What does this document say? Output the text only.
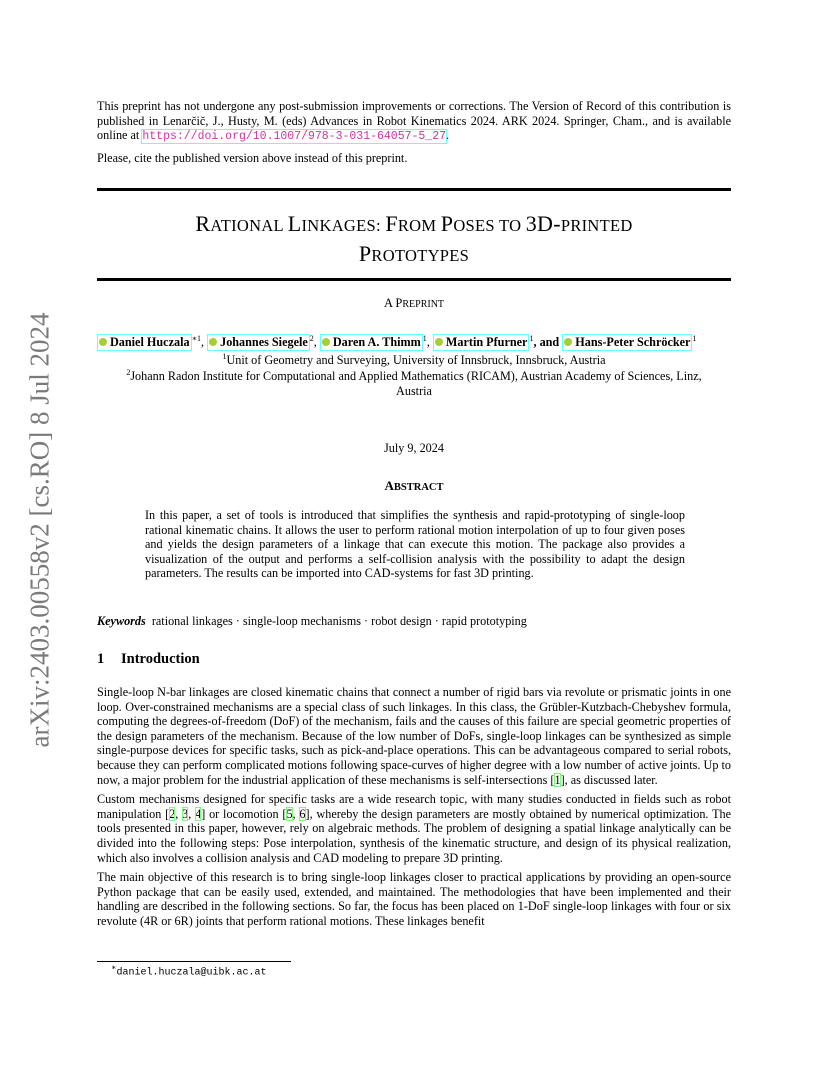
arXiv:2403.00558v2 [cs.RO] 8 Jul 2024

This preprint has not undergone any post-submission improvements or corrections. The Version of Record of this contribution is published in Lenarčič, J., Husty, M. (eds) Advances in Robot Kinematics 2024. ARK 2024. Springer, Cham., and is available online at https://doi.org/10.1007/978-3-031-64057-5_27.

Please, cite the published version above instead of this preprint.

RATIONAL LINKAGES: FROM POSES TO 3D-PRINTED
PROTOTYPES
A PREPRINT
Daniel Huczala $^{∗1}$, Johannes Siegele $^2$, Daren A. Thimm $^1$, Martin Pfurner $^1$, and Hans-Peter Schröcker $^1$
$^1$Unit of Geometry and Surveying, University of Innsbruck, Innsbruck, Austria
$^2$Johann Radon Institute for Computational and Applied Mathematics (RICAM), Austrian Academy of Sciences, Linz,
Austria
July 9, 2024
ABSTRACT

In this paper, a set of tools is introduced that simplifies the synthesis and rapid-prototyping of single-loop rational kinematic chains. It allows the user to perform rational motion interpolation of up to four given poses and yields the design parameters of a linkage that can execute this motion. The package also provides a visualization of the output and performs a self-collision analysis with the possibility to adapt the design parameters. The results can be imported into CAD-systems for fast 3D printing.

Keywords rational linkages · single-loop mechanisms · robot design · rapid prototyping
1 Introduction

Single-loop N-bar linkages are closed kinematic chains that connect a number of rigid bars via revolute or prismatic joints in one loop. Over-constrained mechanisms are a special class of such linkages. In this class, the Grübler-Kutzbach-Chebyshev formula, computing the degrees-of-freedom (DoF) of the mechanism, fails and the causes of this failure are special geometric properties of the design parameters of the mechanism. Because of the low number of DoFs, single-loop linkages can be synthesized as simple single-purpose devices for specific tasks, such as pick-and-place operations. This can be advantageous compared to serial robots, because they can perform complicated motions following space-curves of higher degree with a low number of active joints. Up to now, a major problem for the industrial application of these mechanisms is self-intersections [1], as discussed later.

Custom mechanisms designed for specific tasks are a wide research topic, with many studies conducted in fields such as robot manipulation [2, 3, 4] or locomotion [5, 6], whereby the design parameters are mostly obtained by numerical optimization. The tools presented in this paper, however, rely on algebraic methods. The problem of designing a spatial linkage analytically can be divided into the following steps: Pose interpolation, synthesis of the kinematic structure, and design of its physical realization, which also involves a collision analysis and CAD modeling to prepare 3D printing.

The main objective of this research is to bring single-loop linkages closer to practical applications by providing an open-source Python package that can be easily used, extended, and maintained. The methodologies that have been implemented and their handling are described in the following sections. So far, the focus has been placed on 1-DoF single-loop linkages with four or six revolute (4R or 6R) joints that perform rational motions. These linkages benefit

∗daniel.huczala@uibk.ac.at
